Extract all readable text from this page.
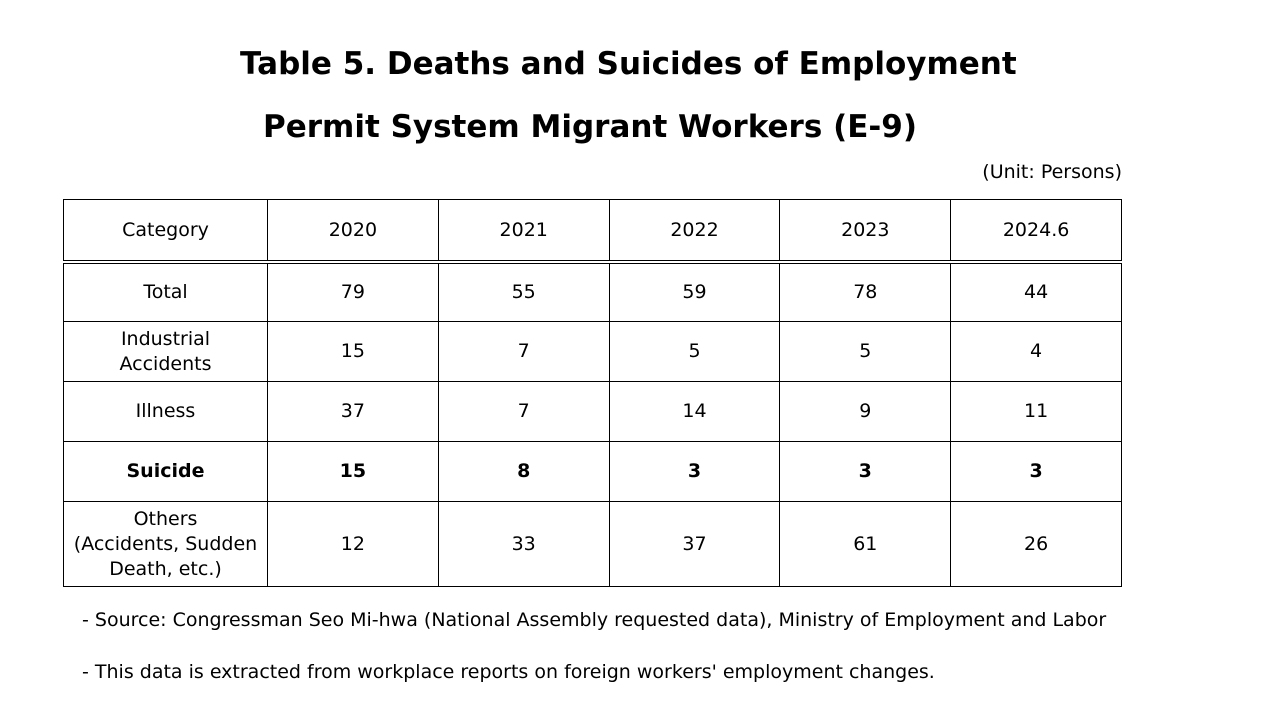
Table 5. Deaths and Suicides of Employment
Permit System Migrant Workers (E-9)
(Unit: Persons)
Category	2020	2021	2022	2023	2024.6
Total	79	55	59	78	44
Industrial
Accidents	15	7	5	5	4
Illness	37	7	14	9	11
Suicide	15	8	3	3	3
Others
(Accidents, Sudden
Death, etc.)	12	33	37	61	26
- Source: Congressman Seo Mi-hwa (National Assembly requested data), Ministry of Employment and Labor
- This data is extracted from workplace reports on foreign workers' employment changes.
